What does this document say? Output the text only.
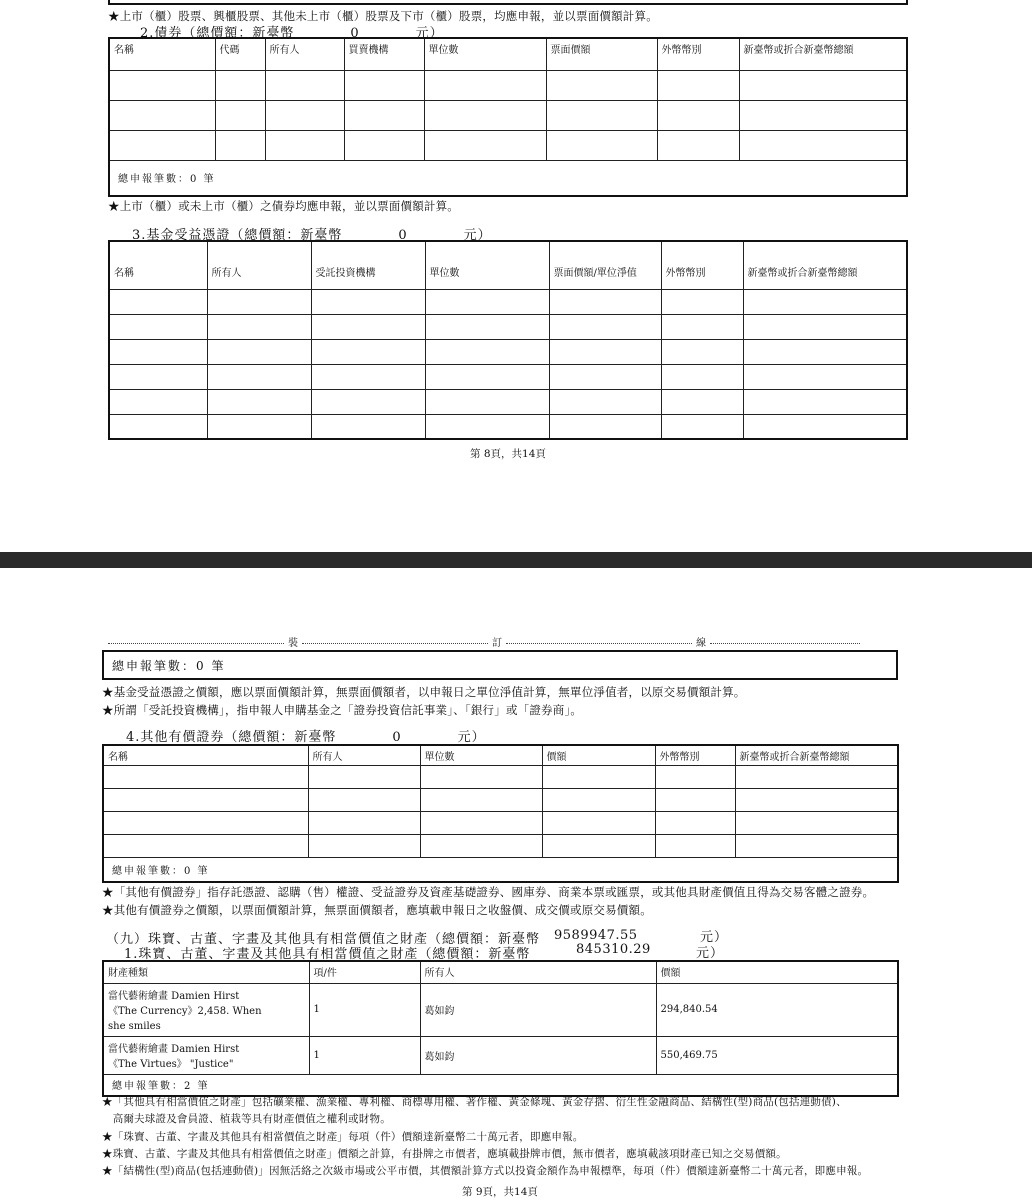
★上市（櫃）股票、興櫃股票、其他未上市（櫃）股票及下市（櫃）股票，均應申報，並以票面價額計算。
2.債券（總價額：新臺幣　　　　0　　　　元）
名稱	代碼	所有人	買賣機構	單位數	票面價額	外幣幣別	新臺幣或折合新臺幣總額

總申報筆數：0 筆							
★上市（櫃）或未上市（櫃）之債券均應申報，並以票面價額計算。
3.基金受益憑證（總價額：新臺幣　　　　0　　　　元）
名稱	所有人	受託投資機構	單位數	票面價額/單位淨值	外幣幣別	新臺幣或折合新臺幣總額

第 8頁，共14頁
裝	訂	線
總申報筆數：0 筆
★基金受益憑證之價額，應以票面價額計算，無票面價額者，以申報日之單位淨值計算，無單位淨值者，以原交易價額計算。
★所謂「受託投資機構」，指申報人申購基金之「證券投資信託事業」、「銀行」或「證券商」。
4.其他有價證券（總價額：新臺幣　　　　0　　　　元）
名稱	所有人	單位數	價額	外幣幣別	新臺幣或折合新臺幣總額

總申報筆數：0 筆					
★「其他有價證券」指存託憑證、認購（售）權證、受益證券及資產基礎證券、國庫券、商業本票或匯票，或其他具財產價值且得為交易客體之證券。
★其他有價證券之價額，以票面價額計算，無票面價額者，應填載申報日之收盤價、成交價或原交易價額。
（九）珠寶、古董、字畫及其他具有相當價值之財產（總價額：新臺幣 9589947.55	元）
1.珠寶、古董、字畫及其他具有相當價值之財產（總價額：新臺幣	845310.29	元）
財產種類	項/件	所有人	價額

當代藝術繪畫 Damien Hirst
《The Currency》2,458. When
she smiles	1	葛如鈞	294,840.54

當代藝術繪畫 Damien Hirst
《The Virtues》 "Justice"	1	葛如鈞	550,469.75
總申報筆數：2 筆			
★「其他具有相當價值之財產」包括礦業權、漁業權、專利權、商標專用權、著作權、黃金條塊、黃金存摺、衍生性金融商品、結構性(型)商品(包括連動債)、
　高爾夫球證及會員證、植栽等具有財產價值之權利或財物。
★「珠寶、古董、字畫及其他具有相當價值之財產」每項（件）價額達新臺幣二十萬元者，即應申報。
★珠寶、古董、字畫及其他具有相當價值之財產」價額之計算，有掛牌之市價者，應填載掛牌市價，無市價者，應填載該項財產已知之交易價額。
★「結構性(型)商品(包括連動債)」因無活絡之次級市場或公平市價，其價額計算方式以投資金額作為申報標準，每項（件）價額達新臺幣二十萬元者，即應申報。
第 9頁，共14頁
